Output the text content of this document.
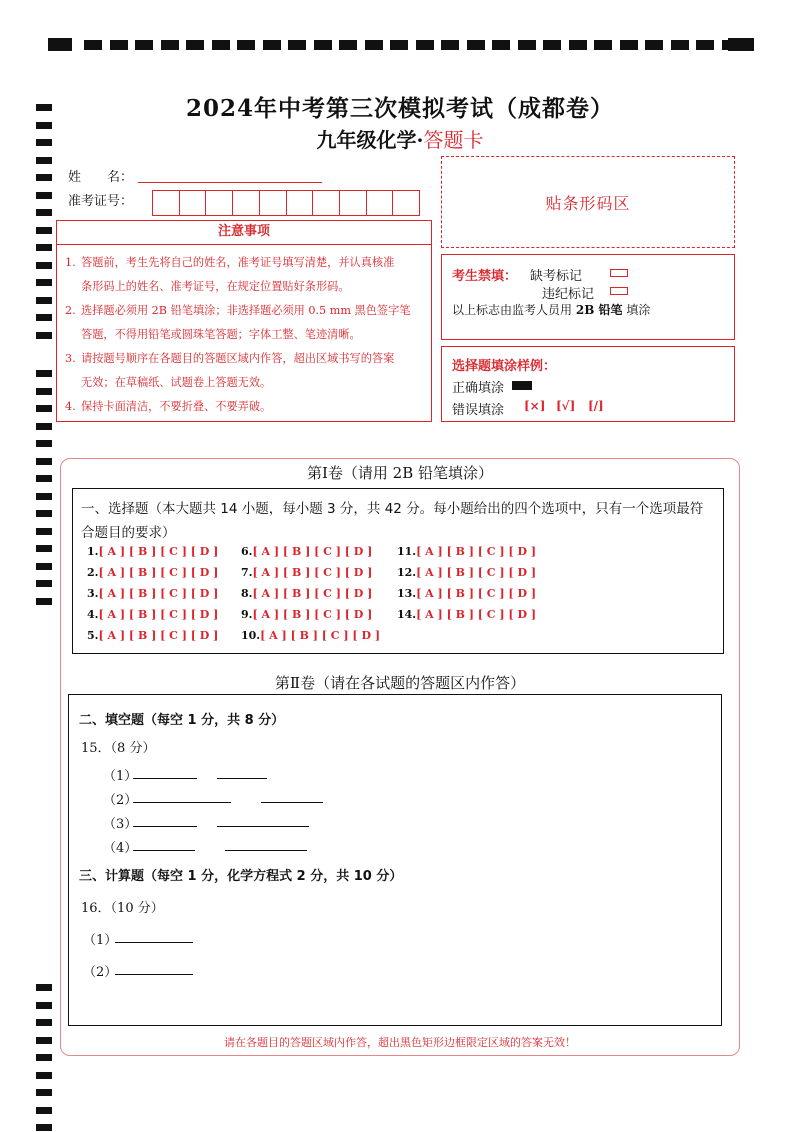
2024年中考第三次模拟考试（成都卷）
九年级化学·答题卡
姓　　名：
准考证号：
注意事项
1. 答题前，考生先将自己的姓名，准考证号填写清楚，并认真核准
条形码上的姓名、准考证号，在规定位置贴好条形码。
2. 选择题必须用 2B 铅笔填涂；非选择题必须用 0.5 mm 黑色签字笔
答题，不得用铅笔或圆珠笔答题；字体工整、笔迹清晰。
3. 请按题号顺序在各题目的答题区域内作答，超出区域书写的答案
无效；在草稿纸、试题卷上答题无效。
4. 保持卡面清洁，不要折叠、不要弄破。
贴条形码区
考生禁填： 缺考标记
违纪标记
以上标志由监考人员用 2B 铅笔 填涂
选择题填涂样例：
正确填涂
错误填涂 [×] [√] [/]
第Ⅰ卷（请用 2B 铅笔填涂）
一、选择题（本大题共 14 小题，每小题 3 分，共 42 分。每小题给出的四个选项中，只有一个选项最符
合题目的要求）
1.[ A ] [ B ] [ C ] [ D ]
2.[ A ] [ B ] [ C ] [ D ]
3.[ A ] [ B ] [ C ] [ D ]
4.[ A ] [ B ] [ C ] [ D ]
5.[ A ] [ B ] [ C ] [ D ]
6.[ A ] [ B ] [ C ] [ D ]
7.[ A ] [ B ] [ C ] [ D ]
8.[ A ] [ B ] [ C ] [ D ]
9.[ A ] [ B ] [ C ] [ D ]
10.[ A ] [ B ] [ C ] [ D ]
11.[ A ] [ B ] [ C ] [ D ]
12.[ A ] [ B ] [ C ] [ D ]
13.[ A ] [ B ] [ C ] [ D ]
14.[ A ] [ B ] [ C ] [ D ]
第Ⅱ卷（请在各试题的答题区内作答）
二、填空题（每空 1 分，共 8 分）
15．（8 分）
（1）
（2）
（3）
（4）
三、计算题（每空 1 分，化学方程式 2 分，共 10 分）
16．（10 分）
（1）
（2）
请在各题目的答题区域内作答，超出黑色矩形边框限定区域的答案无效！
